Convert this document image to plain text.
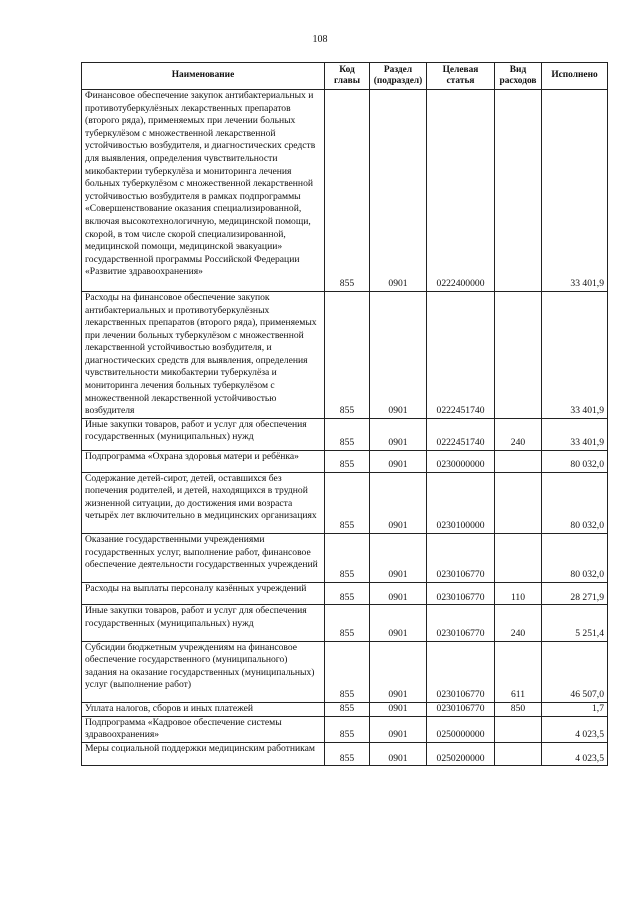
108
Наименование	Код главы	Раздел (подраздел)	Целевая статья	Вид расходов	Исполнено

Финансовое обеспечение закупок антибактериальных и противотуберкулёзных лекарственных препаратов (второго ряда), применяемых при лечении больных туберкулёзом с множественной лекарственной устойчивостью возбудителя, и диагностических средств для выявления, определения чувствительности микобактерии туберкулёза и мониторинга лечения больных туберкулёзом с множественной лекарственной устойчивостью возбудителя в рамках подпрограммы «Совершенствование оказания специализированной, включая высокотехнологичную, медицинской помощи, скорой, в том числе скорой специализированной, медицинской помощи, медицинской эвакуации» государственной программы Российской Федерации «Развитие здравоохранения»	855	0901	0222400000		33 401,9

Расходы на финансовое обеспечение закупок антибактериальных и противотуберкулёзных лекарственных препаратов (второго ряда), применяемых при лечении больных туберкулёзом с множественной лекарственной устойчивостью возбудителя, и диагностических средств для выявления, определения чувствительности микобактерии туберкулёза и мониторинга лечения больных туберкулёзом с множественной лекарственной устойчивостью возбудителя	855	0901	0222451740		33 401,9

Иные закупки товаров, работ и услуг для обеспечения государственных (муниципальных) нужд	855	0901	0222451740	240	33 401,9

Подпрограмма «Охрана здоровья матери и ребёнка»	855	0901	0230000000		80 032,0

Содержание детей-сирот, детей, оставшихся без попечения родителей, и детей, находящихся в трудной жизненной ситуации, до достижения ими возраста четырёх лет включительно в медицинских организациях	855	0901	0230100000		80 032,0

Оказание государственными учреждениями государственных услуг, выполнение работ, финансовое обеспечение деятельности государственных учреждений	855	0901	0230106770		80 032,0

Расходы на выплаты персоналу казённых учреждений	855	0901	0230106770	110	28 271,9

Иные закупки товаров, работ и услуг для обеспечения государственных (муниципальных) нужд	855	0901	0230106770	240	5 251,4

Субсидии бюджетным учреждениям на финансовое обеспечение государственного (муниципального) задания на оказание государственных (муниципальных) услуг (выполнение работ)	855	0901	0230106770	611	46 507,0

Уплата налогов, сборов и иных платежей	855	0901	0230106770	850	1,7

Подпрограмма «Кадровое обеспечение системы здравоохранения»	855	0901	0250000000		4 023,5

Меры социальной поддержки медицинским работникам	855	0901	0250200000		4 023,5
